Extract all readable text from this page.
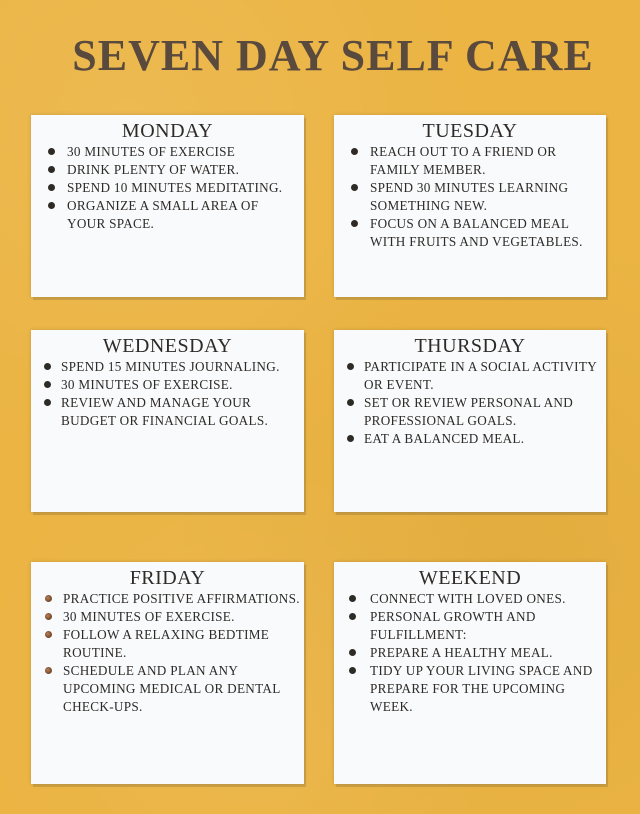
SEVEN DAY SELF CARE
MONDAY
30 MINUTES OF EXERCISE
DRINK PLENTY OF WATER.
SPEND 10 MINUTES MEDITATING.
ORGANIZE A SMALL AREA OF YOUR SPACE.
TUESDAY
REACH OUT TO A FRIEND OR FAMILY MEMBER.
SPEND 30 MINUTES LEARNING SOMETHING NEW.
FOCUS ON A BALANCED MEAL WITH FRUITS AND VEGETABLES.
WEDNESDAY
SPEND 15 MINUTES JOURNALING.
30 MINUTES OF EXERCISE.
REVIEW AND MANAGE YOUR BUDGET OR FINANCIAL GOALS.
THURSDAY
PARTICIPATE IN A SOCIAL ACTIVITY OR EVENT.
SET OR REVIEW PERSONAL AND PROFESSIONAL GOALS.
EAT A BALANCED MEAL.
FRIDAY
PRACTICE POSITIVE AFFIRMATIONS.
30 MINUTES OF EXERCISE.
FOLLOW A RELAXING BEDTIME ROUTINE.
SCHEDULE AND PLAN ANY UPCOMING MEDICAL OR DENTAL CHECK-UPS.
WEEKEND
CONNECT WITH LOVED ONES.
PERSONAL GROWTH AND FULFILLMENT:
PREPARE A HEALTHY MEAL.
TIDY UP YOUR LIVING SPACE AND PREPARE FOR THE UPCOMING WEEK.
